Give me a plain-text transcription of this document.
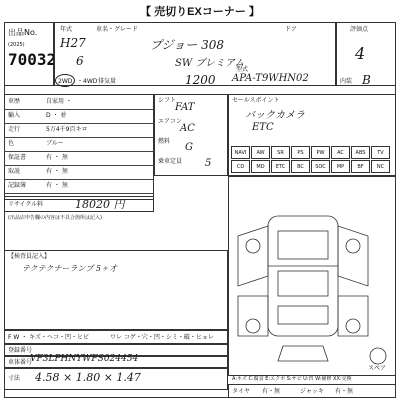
【 売切りEXコーナー 】
出品No.
(2025)
70032
年式	車名・グレード	ドア
H27
6
プジョー 308
SW プレミアム
2WD ・4WD 排気量	1200 APA-T9WHN02
型式
評価点
4
内装 B
車歴	自家用 ・
輸入	D ・ 並
走行	5万4千9百キロ
色	ブルー
保証書	有 ・ 無
取説	有 ・ 無
記録簿	有 ・ 無
リサイクル料	18020 円
(出品店申告欄の内容は不具合箇所は記入)
シフト
FAT
エアコン
AC
燃料
G
乗車定員 5
セールスポイント
バックカメラ
ETC
NAVI	AW	SR	PS	PW	AC	ABS	TV
CD	MD	ETC	BC	SOC	MP	BF	NC
スペア
【検査員記入】
テクテクナーランプ 5ヶ才
F W ・ キズ・ヘコ・凹・ヒビ	ワレ コゲ・穴・凹・シミ・破・ヒョレ
登録番号
車体番号
VF3LPHNYWFS024454
寸法 4.58 × 1.80 × 1.47	A:キズ C:腐食 E:エクボ S:サビ U:凹 W:補修 XX:交換
タイヤ 有・無	ジャッキ 有・無
